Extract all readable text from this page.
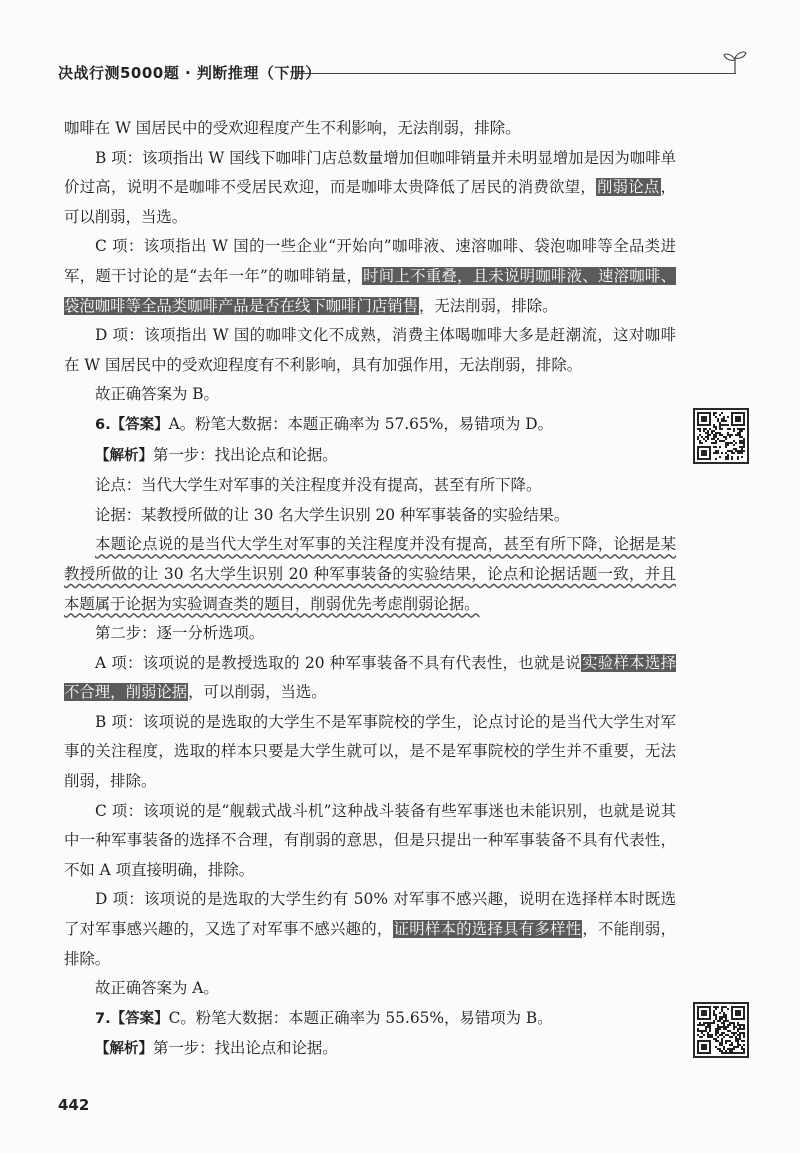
决战行测5000题 · 判断推理（下册）

咖啡在 W 国居民中的受欢迎程度产生不利影响，无法削弱，排除。

B 项：该项指出 W 国线下咖啡门店总数量增加但咖啡销量并未明显增加是因为咖啡单价过高，说明不是咖啡不受居民欢迎，而是咖啡太贵降低了居民的消费欲望，削弱论点，可以削弱，当选。

C 项：该项指出 W 国的一些企业“开始向”咖啡液、速溶咖啡、袋泡咖啡等全品类进军，题干讨论的是“去年一年”的咖啡销量，时间上不重叠，且未说明咖啡液、速溶咖啡、袋泡咖啡等全品类咖啡产品是否在线下咖啡门店销售，无法削弱，排除。

D 项：该项指出 W 国的咖啡文化不成熟，消费主体喝咖啡大多是赶潮流，这对咖啡在 W 国居民中的受欢迎程度有不利影响，具有加强作用，无法削弱，排除。

故正确答案为 B。

6.【答案】A。粉笔大数据：本题正确率为 57.65%，易错项为 D。

【解析】第一步：找出论点和论据。

论点：当代大学生对军事的关注程度并没有提高，甚至有所下降。

论据：某教授所做的让 30 名大学生识别 20 种军事装备的实验结果。

本题论点说的是当代大学生对军事的关注程度并没有提高，甚至有所下降，论据是某教授所做的让 30 名大学生识别 20 种军事装备的实验结果，论点和论据话题一致，并且本题属于论据为实验调查类的题目，削弱优先考虑削弱论据。

第二步：逐一分析选项。

A 项：该项说的是教授选取的 20 种军事装备不具有代表性，也就是说实验样本选择不合理，削弱论据，可以削弱，当选。

B 项：该项说的是选取的大学生不是军事院校的学生，论点讨论的是当代大学生对军事的关注程度，选取的样本只要是大学生就可以，是不是军事院校的学生并不重要，无法削弱，排除。

C 项：该项说的是“舰载式战斗机”这种战斗装备有些军事迷也未能识别，也就是说其中一种军事装备的选择不合理，有削弱的意思，但是只提出一种军事装备不具有代表性，不如 A 项直接明确，排除。

D 项：该项说的是选取的大学生约有 50% 对军事不感兴趣，说明在选择样本时既选了对军事感兴趣的，又选了对军事不感兴趣的，证明样本的选择具有多样性，不能削弱，排除。

故正确答案为 A。

7.【答案】C。粉笔大数据：本题正确率为 55.65%，易错项为 B。

【解析】第一步：找出论点和论据。

442
